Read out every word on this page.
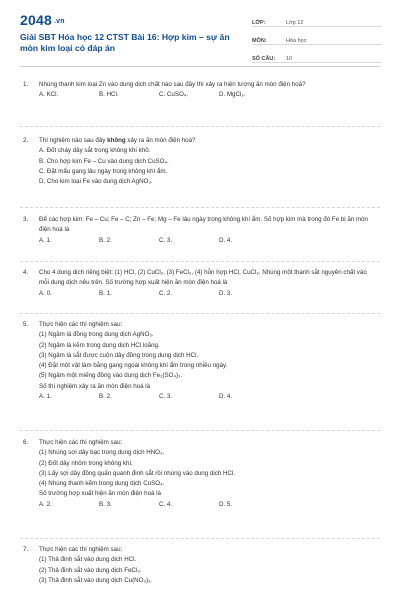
2048 .vn
Giải SBT Hóa học 12 CTST Bài 16: Hợp kim – sự ăn mòn kim loại có đáp án
LỚP:	Lớp 12
MÔN:	Hóa học
SỐ CÂU:	10
1. Nhúng thanh kim loại Zn vào dung dịch chất nào sau đây thì xảy ra hiện tượng ăn mòn điện hoá?
A. KCl.	B. HCl.	C. CuSO₄.	D. MgCl₂.
2. Thí nghiệm nào sau đây không xảy ra ăn mòn điện hoá?
A. Đốt cháy dây sắt trong không khí khô.
B. Cho hợp kim Fe – Cu vào dung dịch CuSO₄.
C. Đặt mẩu gang lâu ngày trong không khí ẩm.
D. Cho kim loại Fe vào dung dịch AgNO₃.
3. Để các hợp kim: Fe – Cu; Fe – C; Zn – Fe; Mg – Fe lâu ngày trong không khí ẩm. Số hợp kim mà trong đó Fe bị ăn mòn điện hoá là
A. 1.	B. 2.	C. 3.	D. 4.
4. Cho 4 dung dịch riêng biệt: (1) HCl, (2) CuCl₂, (3) FeCl₃, (4) hỗn hợp HCl, CuCl₂. Nhúng một thanh sắt nguyên chất vào mỗi dung dịch nêu trên. Số trường hợp xuất hiện ăn mòn điện hoá là
A. 0.	B. 1.	C. 2.	D. 3.
5. Thực hiện các thí nghiệm sau:
(1) Ngâm lá đồng trong dung dịch AgNO₃.
(2) Ngâm lá kẽm trong dung dịch HCl loãng.
(3) Ngâm lá sắt được cuộn dây đồng trong dung dịch HCl.
(4) Đặt một vật làm bằng gang ngoài không khí ẩm trong nhiều ngày.
(5) Ngâm một miếng đồng vào dung dịch Fe₂(SO₄)₃.
Số thí nghiệm xảy ra ăn mòn điện hoá là
A. 1.	B. 2.	C. 3.	D. 4.
6. Thực hiện các thí nghiệm sau:
(1) Nhúng sợi dây bạc trong dung dịch HNO₃.
(2) Đốt dây nhôm trong không khí.
(3) Lấy sợi dây đồng quấn quanh đinh sắt rồi nhúng vào dung dịch HCl.
(4) Nhúng thanh kẽm trong dung dịch CuSO₄.
Số trường hợp xuất hiện ăn mòn điện hoá là
A. 2.	B. 3.	C. 4.	D. 5.
7. Thực hiện các thí nghiệm sau:
(1) Thả đinh sắt vào dung dịch HCl.
(2) Thả đinh sắt vào dung dịch FeCl₃.
(3) Thả đinh sắt vào dung dịch Cu(NO₃)₂.
